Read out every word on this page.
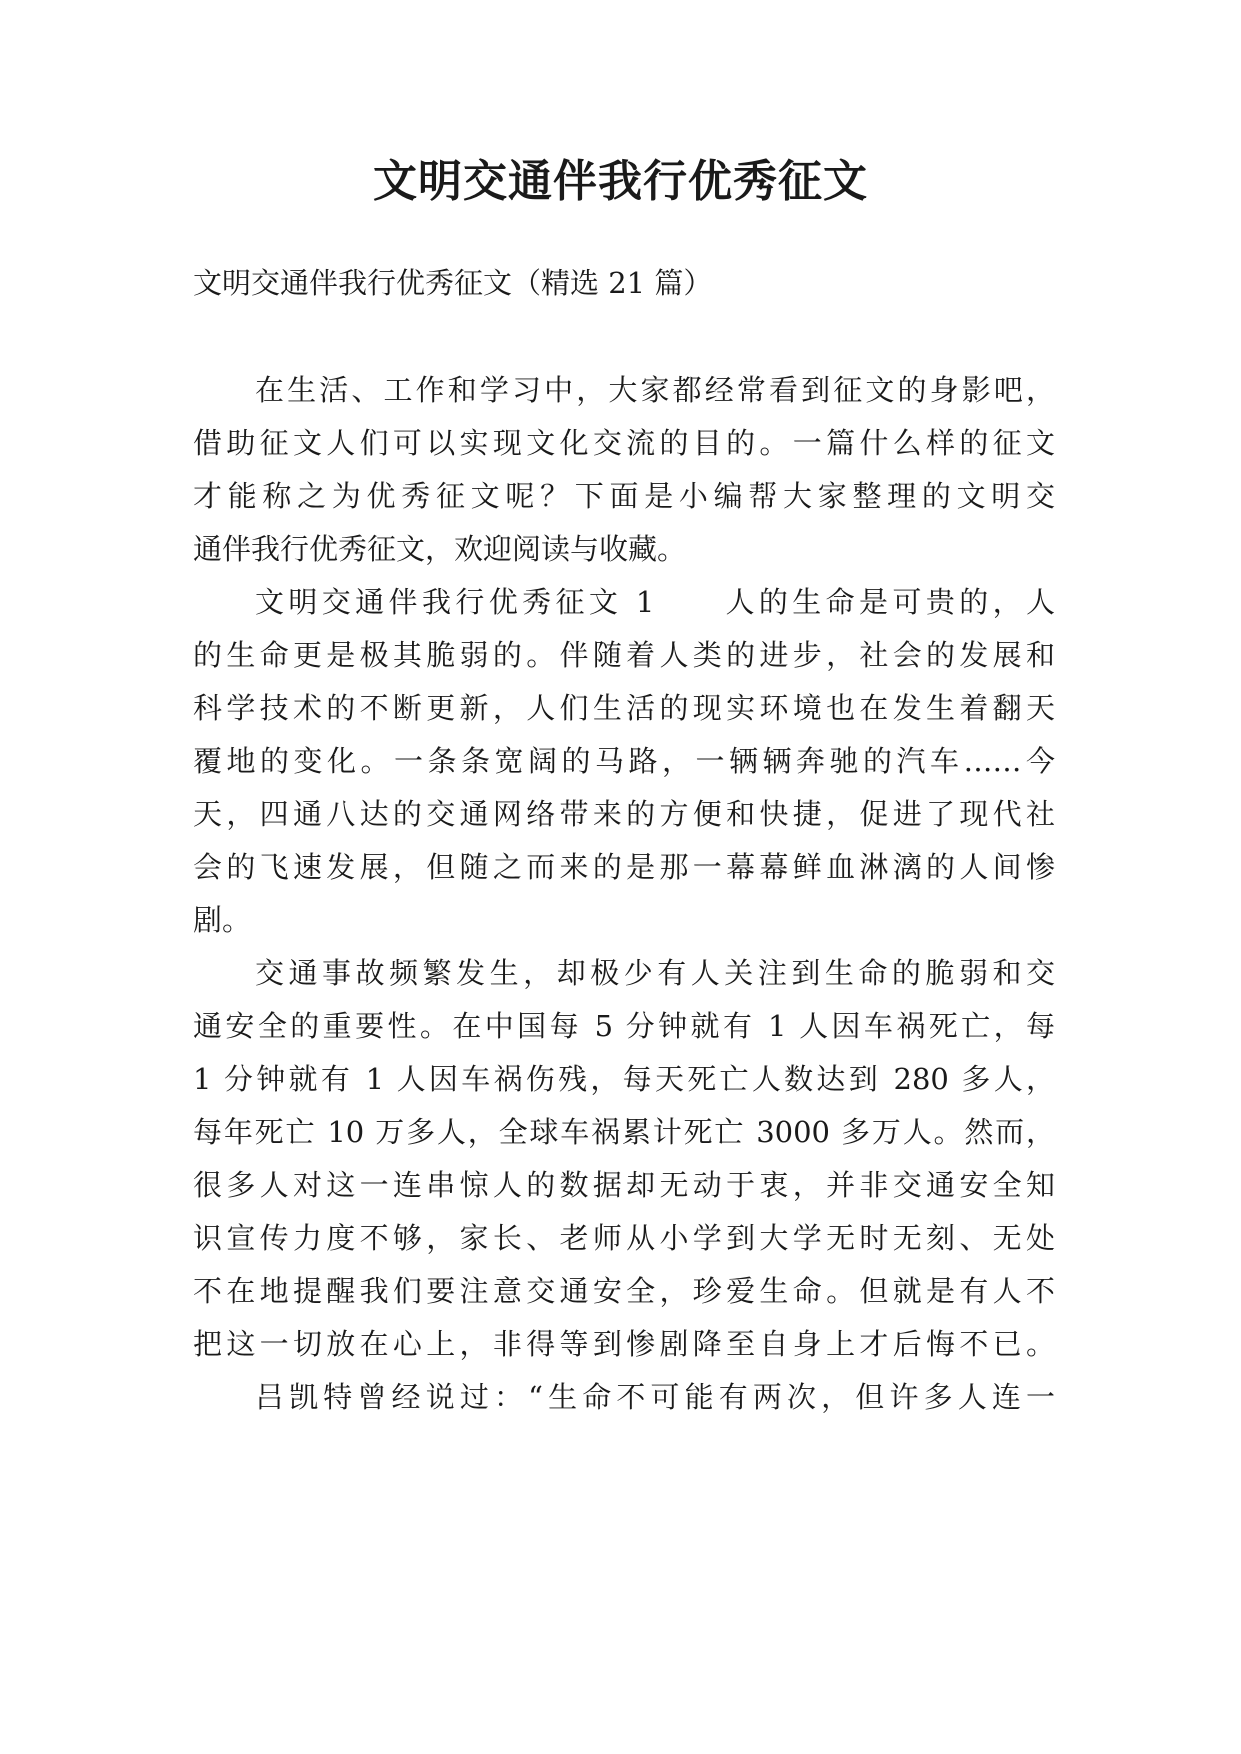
文明交通伴我行优秀征文
文明交通伴我行优秀征文（精选 21 篇）
在生活、工作和学习中，大家都经常看到征文的身影吧，
借助征文人们可以实现文化交流的目的。一篇什么样的征文
才能称之为优秀征文呢？下面是小编帮大家整理的文明交
通伴我行优秀征文，欢迎阅读与收藏。
文明交通伴我行优秀征文 1　　人的生命是可贵的，人
的生命更是极其脆弱的。伴随着人类的进步，社会的发展和
科学技术的不断更新，人们生活的现实环境也在发生着翻天
覆地的变化。一条条宽阔的马路，一辆辆奔驰的汽车……今
天，四通八达的交通网络带来的方便和快捷，促进了现代社
会的飞速发展，但随之而来的是那一幕幕鲜血淋漓的人间惨
剧。
交通事故频繁发生，却极少有人关注到生命的脆弱和交
通安全的重要性。在中国每 5 分钟就有 1 人因车祸死亡，每
1 分钟就有 1 人因车祸伤残，每天死亡人数达到 280 多人，
每年死亡 10 万多人，全球车祸累计死亡 3000 多万人。然而，
很多人对这一连串惊人的数据却无动于衷，并非交通安全知
识宣传力度不够，家长、老师从小学到大学无时无刻、无处
不在地提醒我们要注意交通安全，珍爱生命。但就是有人不
把这一切放在心上，非得等到惨剧降至自身上才后悔不已。
吕凯特曾经说过：“生命不可能有两次，但许多人连一
